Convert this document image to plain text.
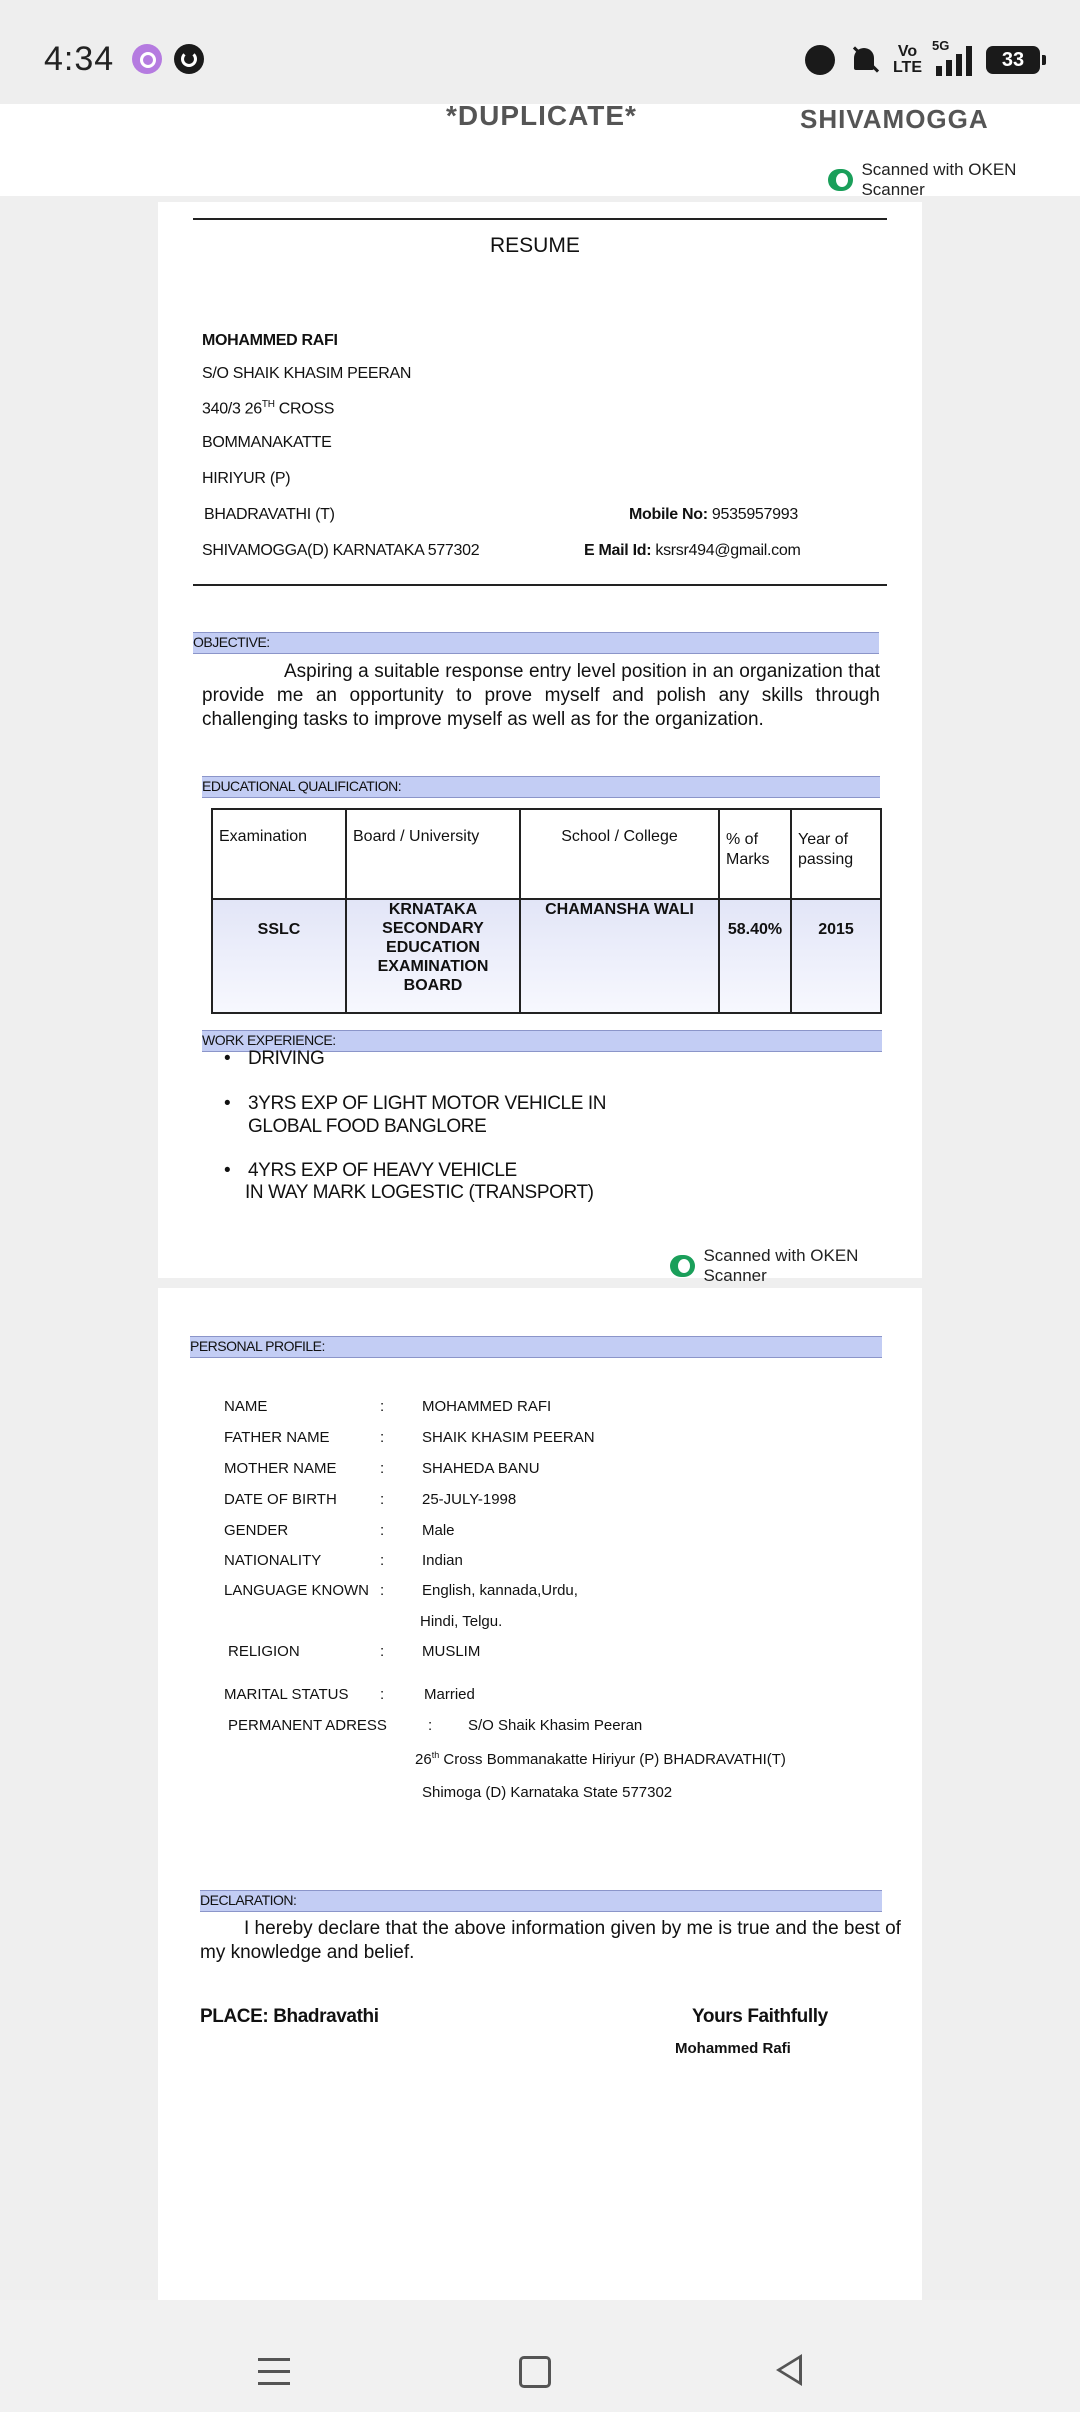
4:34	Vo
LTE
5G
33
*DUPLICATE*	SHIVAMOGGA
Scanned with OKEN Scanner
RESUME
MOHAMMED RAFI
S/O SHAIK KHASIM PEERAN
340/3 26TH CROSS
BOMMANAKATTE
HIRIYUR (P)
BHADRAVATHI (T)
SHIVAMOGGA(D) KARNATAKA 577302
Mobile No: 9535957993
E Mail Id: ksrsr494@gmail.com
OBJECTIVE:
Aspiring a suitable response entry level position in an organization that provide me an opportunity to prove myself and polish any skills through challenging tasks to improve myself as well as for the organization.
EDUCATIONAL QUALIFICATION:
Examination	Board / University	School / College	% of Marks	Year of passing
SSLC	KRNATAKA SECONDARY EDUCATION EXAMINATION BOARD	CHAMANSHA WALI	58.40%	2015
WORK EXPERIENCE:
• DRIVING
• 3YRS EXP OF LIGHT MOTOR VEHICLE IN
GLOBAL FOOD BANGLORE
• 4YRS EXP OF HEAVY VEHICLE
IN WAY MARK LOGESTIC (TRANSPORT)
Scanned with OKEN Scanner
PERSONAL PROFILE:
NAME	:	MOHAMMED RAFI
FATHER NAME	:	SHAIK KHASIM PEERAN
MOTHER NAME	:	SHAHEDA BANU
DATE OF BIRTH	:	25-JULY-1998
GENDER	:	Male
NATIONALITY	:	Indian
LANGUAGE KNOWN :	English, kannada,Urdu,
Hindi, Telgu.
RELIGION	:	MUSLIM
MARITAL STATUS :	Married
PERMANENT ADRESS	: S/O Shaik Khasim Peeran
26th Cross Bommanakatte Hiriyur (P) BHADRAVATHI(T)
Shimoga (D) Karnataka State 577302
DECLARATION:
I hereby declare that the above information given by me is true and the best of
my knowledge and belief.
PLACE: Bhadravathi	Yours Faithfully
Mohammed Rafi
